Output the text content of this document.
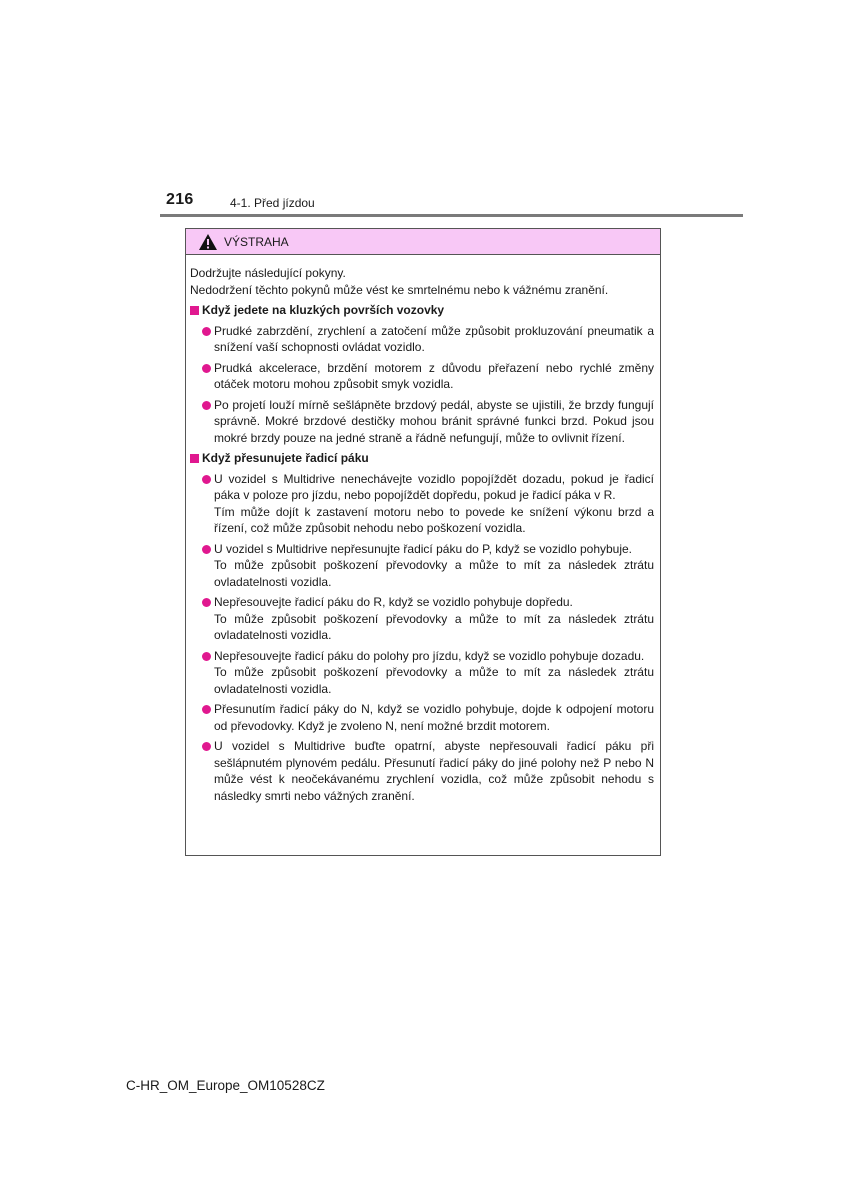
216	4-1. Před jízdou
VÝSTRAHA

Dodržujte následující pokyny.
Nedodržení těchto pokynů může vést ke smrtelnému nebo k vážnému zranění.

Když jedete na kluzkých površích vozovky
Prudké zabrzdění, zrychlení a zatočení může způsobit prokluzování pneumatik a snížení vaší schopnosti ovládat vozidlo.
Prudká akcelerace, brzdění motorem z důvodu přeřazení nebo rychlé změny otáček motoru mohou způsobit smyk vozidla.
Po projetí louží mírně sešlápněte brzdový pedál, abyste se ujistili, že brzdy fungují správně. Mokré brzdové destičky mohou bránit správné funkci brzd. Pokud jsou mokré brzdy pouze na jedné straně a řádně nefungují, může to ovlivnit řízení.
Když přesunujete řadicí páku
U vozidel s Multidrive nenechávejte vozidlo popojíždět dozadu, pokud je řadicí páka v poloze pro jízdu, nebo popojíždět dopředu, pokud je řadicí páka v R.
Tím může dojít k zastavení motoru nebo to povede ke snížení výkonu brzd a řízení, což může způsobit nehodu nebo poškození vozidla.
U vozidel s Multidrive nepřesunujte řadicí páku do P, když se vozidlo pohybuje.
To může způsobit poškození převodovky a může to mít za následek ztrátu ovladatelnosti vozidla.
Nepřesouvejte řadicí páku do R, když se vozidlo pohybuje dopředu.
To může způsobit poškození převodovky a může to mít za následek ztrátu ovladatelnosti vozidla.
Nepřesouvejte řadicí páku do polohy pro jízdu, když se vozidlo pohybuje dozadu.
To může způsobit poškození převodovky a může to mít za následek ztrátu ovladatelnosti vozidla.
Přesunutím řadicí páky do N, když se vozidlo pohybuje, dojde k odpojení motoru od převodovky. Když je zvoleno N, není možné brzdit motorem.
U vozidel s Multidrive buďte opatrní, abyste nepřesouvali řadicí páku při sešlápnutém plynovém pedálu. Přesunutí řadicí páky do jiné polohy než P nebo N může vést k neočekávanému zrychlení vozidla, což může způsobit nehodu s následky smrti nebo vážných zranění.
C-HR_OM_Europe_OM10528CZ
